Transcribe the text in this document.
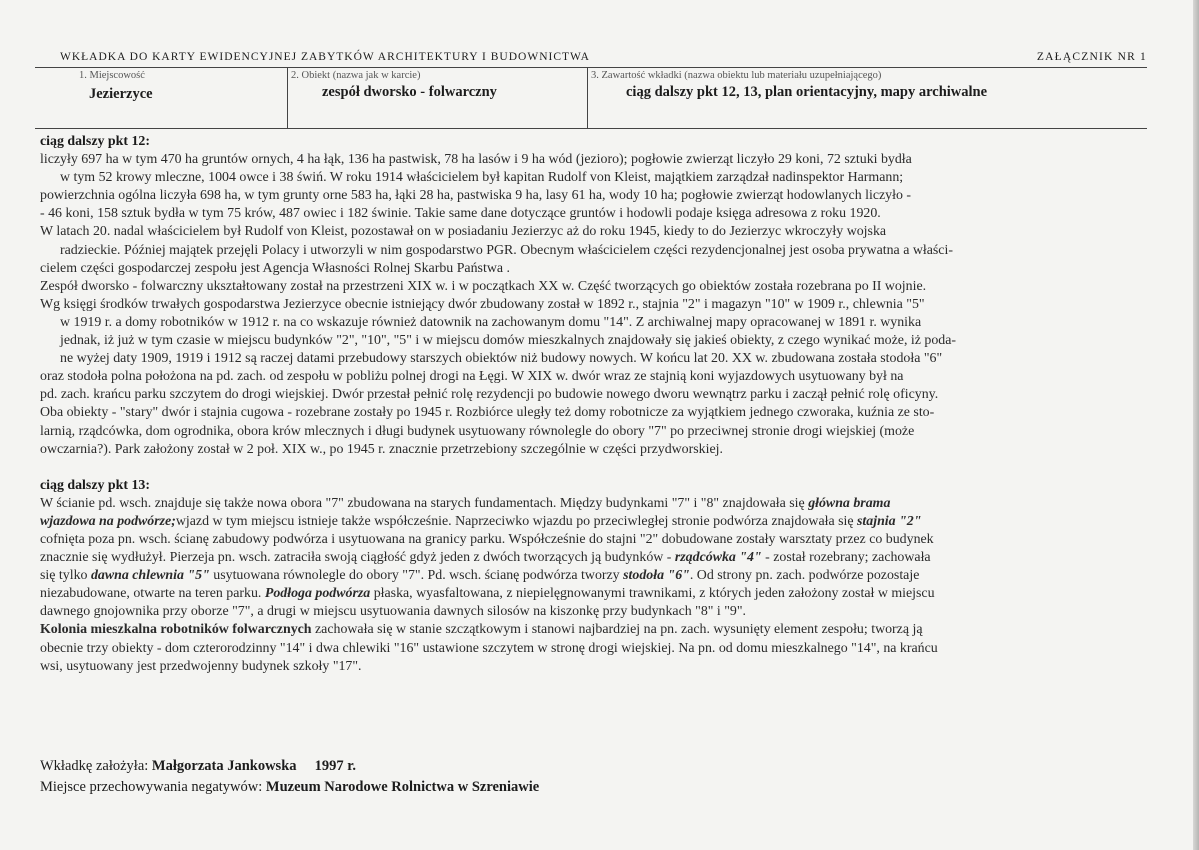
WKŁADKA DO KARTY EWIDENCYJNEJ ZABYTKÓW ARCHITEKTURY I BUDOWNICTWA	ZAŁĄCZNIK NR 1
1. Miejscowość
Jezierzyce
2. Obiekt (nazwa jak w karcie)
zespół dworsko - folwarczny
3. Zawartość wkładki (nazwa obiektu lub materiału uzupełniającego)
ciąg dalszy pkt 12, 13, plan orientacyjny, mapy archiwalne

ciąg dalszy pkt 12:

liczyły 697 ha w tym 470 ha gruntów ornych, 4 ha łąk, 136 ha pastwisk, 78 ha lasów i 9 ha wód (jezioro); pogłowie zwierząt liczyło 29 koni, 72 sztuki bydła

w tym 52 krowy mleczne, 1004 owce i 38 świń. W roku 1914 właścicielem był kapitan Rudolf von Kleist, majątkiem zarządzał nadinspektor Harmann;

powierzchnia ogólna liczyła 698 ha, w tym grunty orne 583 ha, łąki 28 ha, pastwiska 9 ha, lasy 61 ha, wody 10 ha; pogłowie zwierząt hodowlanych liczyło -

- 46 koni, 158 sztuk bydła w tym 75 krów, 487 owiec i 182 świnie. Takie same dane dotyczące gruntów i hodowli podaje księga adresowa z roku 1920.

W latach 20. nadal właścicielem był Rudolf von Kleist, pozostawał on w posiadaniu Jezierzyc aż do roku 1945, kiedy to do Jezierzyc wkroczyły wojska

radzieckie. Później majątek przejęli Polacy i utworzyli w nim gospodarstwo PGR. Obecnym właścicielem części rezydencjonalnej jest osoba prywatna a właści-

cielem części gospodarczej zespołu jest Agencja Własności Rolnej Skarbu Państwa .

Zespół dworsko - folwarczny ukształtowany został na przestrzeni XIX w. i w początkach XX w. Część tworzących go obiektów została rozebrana po II wojnie.

Wg księgi środków trwałych gospodarstwa Jezierzyce obecnie istniejący dwór zbudowany został w 1892 r., stajnia "2" i magazyn "10" w 1909 r., chlewnia "5"

w 1919 r. a domy robotników w 1912 r. na co wskazuje również datownik na zachowanym domu "14". Z archiwalnej mapy opracowanej w 1891 r. wynika

jednak, iż już w tym czasie w miejscu budynków "2", "10", "5" i w miejscu domów mieszkalnych znajdowały się jakieś obiekty, z czego wynikać może, iż poda-

ne wyżej daty 1909, 1919 i 1912 są raczej datami przebudowy starszych obiektów niż budowy nowych. W końcu lat 20. XX w. zbudowana została stodoła "6"

oraz stodoła polna położona na pd. zach. od zespołu w pobliżu polnej drogi na Łęgi. W XIX w. dwór wraz ze stajnią koni wyjazdowych usytuowany był na

pd. zach. krańcu parku szczytem do drogi wiejskiej. Dwór przestał pełnić rolę rezydencji po budowie nowego dworu wewnątrz parku i zaczął pełnić rolę oficyny.

Oba obiekty - "stary" dwór i stajnia cugowa - rozebrane zostały po 1945 r. Rozbiórce uległy też domy robotnicze za wyjątkiem jednego czworaka, kuźnia ze sto-

larnią, rządcówka, dom ogrodnika, obora krów mlecznych i długi budynek usytuowany równolegle do obory "7" po przeciwnej stronie drogi wiejskiej (może

owczarnia?). Park założony został w 2 poł. XIX w., po 1945 r. znacznie przetrzebiony szczególnie w części przydworskiej.

ciąg dalszy pkt 13:

W ścianie pd. wsch. znajduje się także nowa obora "7" zbudowana na starych fundamentach. Między budynkami "7" i "8" znajdowała się główna brama

wjazdowa na podwórze;wjazd w tym miejscu istnieje także współcześnie. Naprzeciwko wjazdu po przeciwległej stronie podwórza znajdowała się stajnia "2"

cofnięta poza pn. wsch. ścianę zabudowy podwórza i usytuowana na granicy parku. Współcześnie do stajni "2" dobudowane zostały warsztaty przez co budynek

znacznie się wydłużył. Pierzeja pn. wsch. zatraciła swoją ciągłość gdyż jeden z dwóch tworzących ją budynków - rządcówka "4" - został rozebrany; zachowała

się tylko dawna chlewnia "5" usytuowana równolegle do obory "7". Pd. wsch. ścianę podwórza tworzy stodoła "6". Od strony pn. zach. podwórze pozostaje

niezabudowane, otwarte na teren parku. Podłoga podwórza płaska, wyasfaltowana, z niepielęgnowanymi trawnikami, z których jeden założony został w miejscu

dawnego gnojownika przy oborze "7", a drugi w miejscu usytuowania dawnych silosów na kiszonkę przy budynkach "8" i "9".

Kolonia mieszkalna robotników folwarcznych zachowała się w stanie szczątkowym i stanowi najbardziej na pn. zach. wysunięty element zespołu; tworzą ją

obecnie trzy obiekty - dom czterorodzinny "14" i dwa chlewiki "16" ustawione szczytem w stronę drogi wiejskiej. Na pn. od domu mieszkalnego "14", na krańcu

wsi, usytuowany jest przedwojenny budynek szkoły "17".

Wkładkę założyła: Małgorzata Jankowska 1997 r.

Miejsce przechowywania negatywów: Muzeum Narodowe Rolnictwa w Szreniawie
